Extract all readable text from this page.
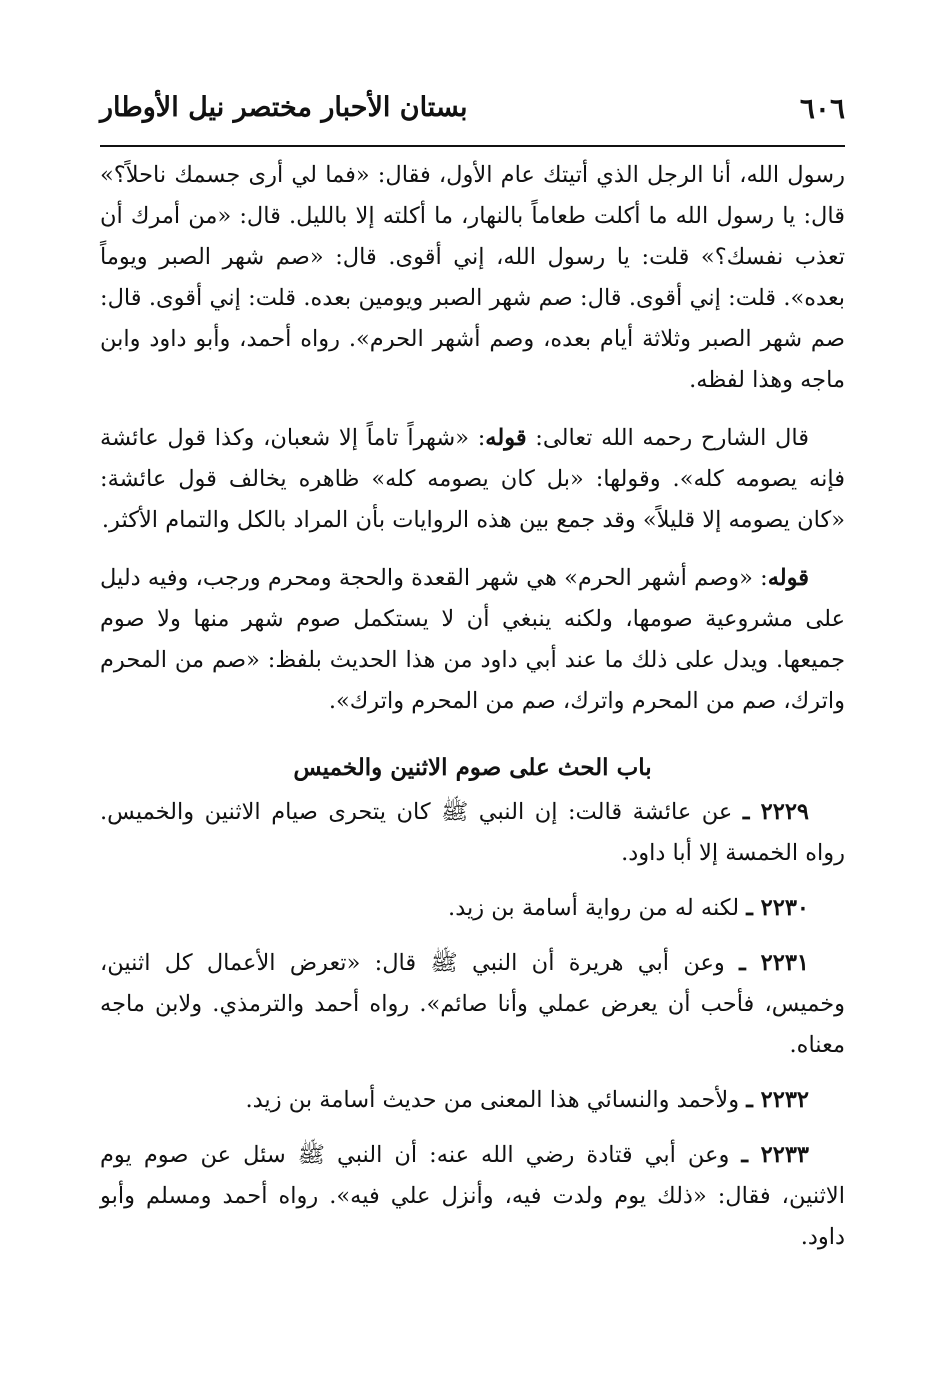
٦٠٦
بستان الأحبار مختصر نيل الأوطار

رسول الله، أنا الرجل الذي أتيتك عام الأول، فقال: «فما لي أرى جسمك ناحلاً؟» قال: يا رسول الله ما أكلت طعاماً بالنهار، ما أكلته إلا بالليل. قال: «من أمرك أن تعذب نفسك؟» قلت: يا رسول الله، إني أقوى. قال: «صم شهر الصبر ويوماً بعده». قلت: إني أقوى. قال: صم شهر الصبر ويومين بعده. قلت: إني أقوى. قال: صم شهر الصبر وثلاثة أيام بعده، وصم أشهر الحرم». رواه أحمد، وأبو داود وابن ماجه وهذا لفظه.

قال الشارح رحمه الله تعالى: قوله: «شهراً تاماً إلا شعبان، وكذا قول عائشة فإنه يصومه كله». وقولها: «بل كان يصومه كله» ظاهره يخالف قول عائشة: «كان يصومه إلا قليلاً» وقد جمع بين هذه الروايات بأن المراد بالكل والتمام الأكثر.

قوله: «وصم أشهر الحرم» هي شهر القعدة والحجة ومحرم ورجب، وفيه دليل على مشروعية صومها، ولكنه ينبغي أن لا يستكمل صوم شهر منها ولا صوم جميعها. ويدل على ذلك ما عند أبي داود من هذا الحديث بلفظ: «صم من المحرم واترك، صم من المحرم واترك، صم من المحرم واترك».

باب الحث على صوم الاثنين والخميس

٢٢٢٩ ـ عن عائشة قالت: إن النبي ﷺ كان يتحرى صيام الاثنين والخميس. رواه الخمسة إلا أبا داود.

٢٢٣٠ ـ لكنه له من رواية أسامة بن زيد.

٢٢٣١ ـ وعن أبي هريرة أن النبي ﷺ قال: «تعرض الأعمال كل اثنين، وخميس، فأحب أن يعرض عملي وأنا صائم». رواه أحمد والترمذي. ولابن ماجه معناه.

٢٢٣٢ ـ ولأحمد والنسائي هذا المعنى من حديث أسامة بن زيد.

٢٢٣٣ ـ وعن أبي قتادة رضي الله عنه: أن النبي ﷺ سئل عن صوم يوم الاثنين، فقال: «ذلك يوم ولدت فيه، وأنزل علي فيه». رواه أحمد ومسلم وأبو داود.
